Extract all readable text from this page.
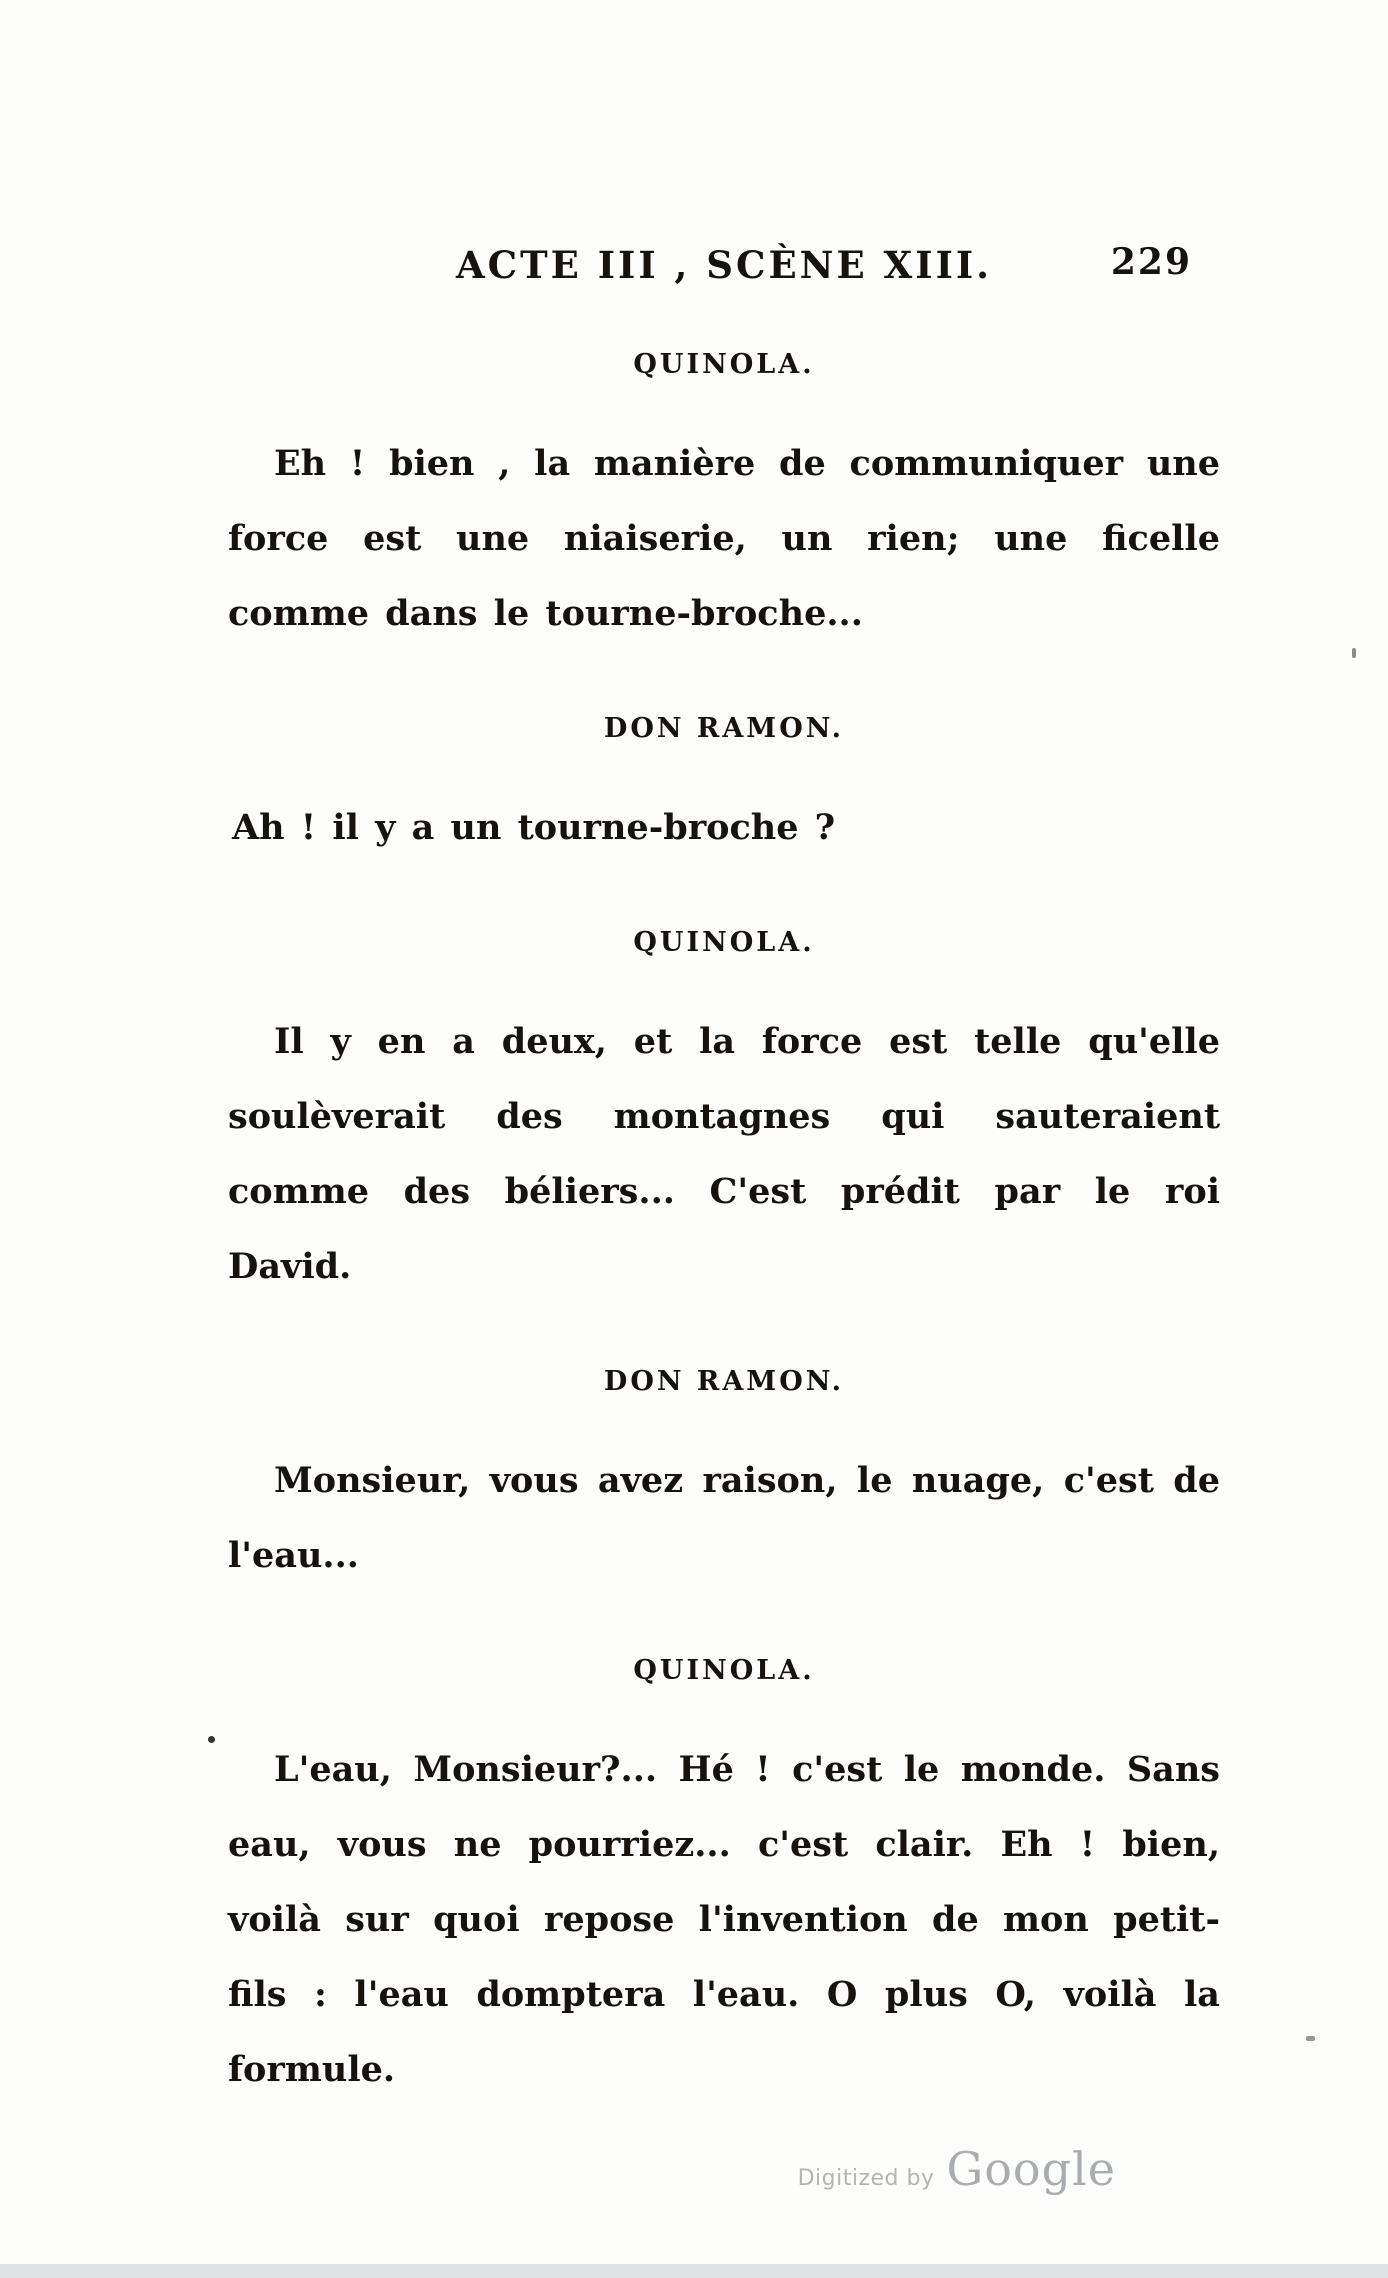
ACTE III , SCÈNE XIII.	229
QUINOLA.

Eh ! bien , la manière de communiquer une force est une niaiserie, un rien; une ficelle comme dans le tourne-broche...

DON RAMON.

Ah ! il y a un tourne-broche ?

QUINOLA.

Il y en a deux, et la force est telle qu'elle soulèverait des montagnes qui sauteraient comme des béliers... C'est prédit par le roi David.

DON RAMON.

Monsieur, vous avez raison, le nuage, c'est de l'eau...

QUINOLA.

L'eau, Monsieur?... Hé ! c'est le monde. Sans eau, vous ne pourriez... c'est clair. Eh ! bien, voilà sur quoi repose l'invention de mon petit-fils : l'eau domptera l'eau. O plus O, voilà la formule.

Digitized by Google
